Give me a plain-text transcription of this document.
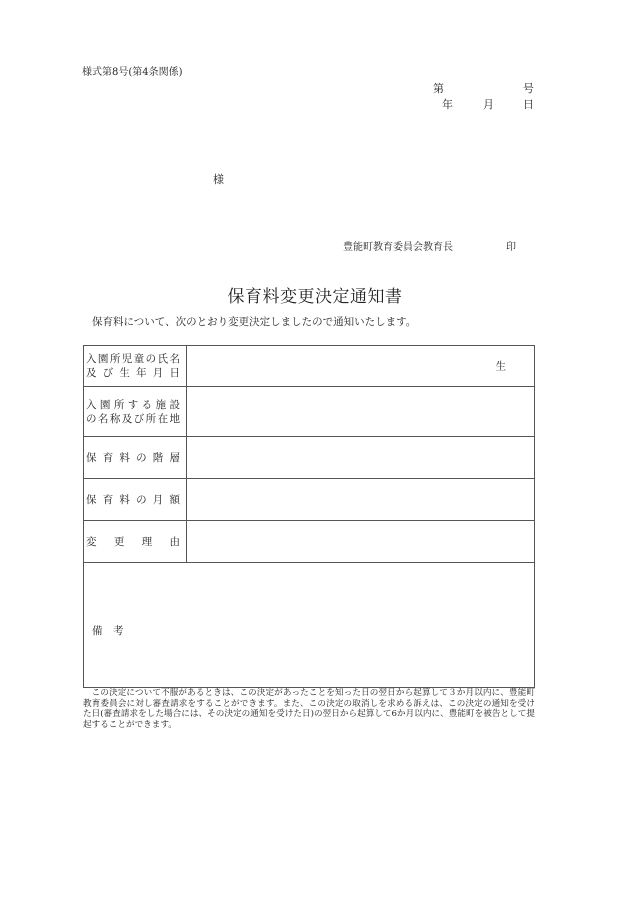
様式第8号(第4条関係)
第	号
年	月	日
様
豊能町教育委員会教育長	印
保育料変更決定通知書
保育料について、次のとおり変更決定しましたので通知いたします。
入園所児童の氏名
及び生年月日	生

入園所する施設
の名称及び所在地	

保育料の階層	

保育料の月額	

変更理由	

備　考	
この決定について不服があるときは、この決定があったことを知った日の翌日から起算して３か月以内に、豊能町教育委員会に対し審査請求をすることができます。また、この決定の取消しを求める訴えは、この決定の通知を受けた日(審査請求をした場合には、その決定の通知を受けた日)の翌日から起算して6か月以内に、豊能町を被告として提起することができます。
